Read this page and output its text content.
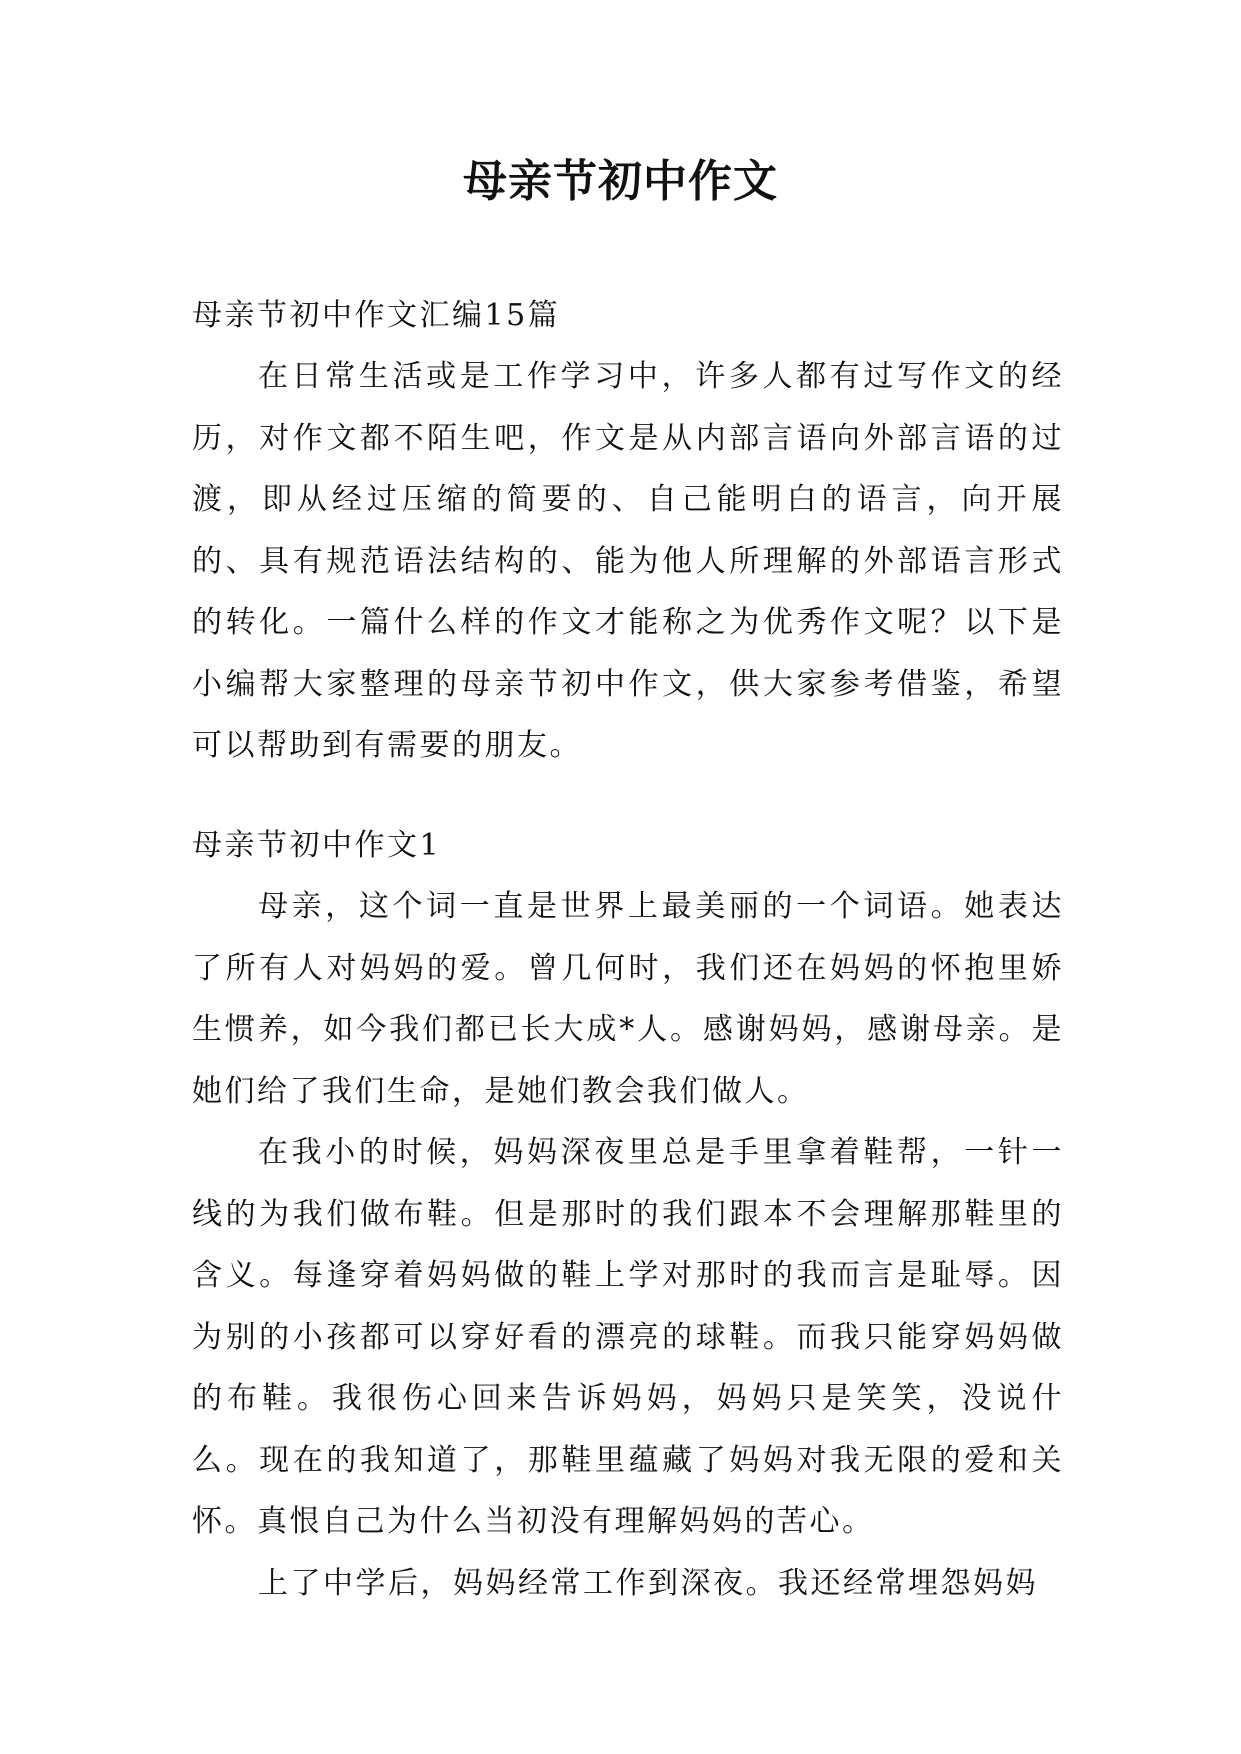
母亲节初中作文
母亲节初中作文汇编15篇

在日常生活或是工作学习中，许多人都有过写作文的经历，对作文都不陌生吧，作文是从内部言语向外部言语的过渡，即从经过压缩的简要的、自己能明白的语言，向开展的、具有规范语法结构的、能为他人所理解的外部语言形式的转化。一篇什么样的作文才能称之为优秀作文呢？以下是小编帮大家整理的母亲节初中作文，供大家参考借鉴，希望可以帮助到有需要的朋友。

母亲节初中作文1

母亲，这个词一直是世界上最美丽的一个词语。她表达了所有人对妈妈的爱。曾几何时，我们还在妈妈的怀抱里娇生惯养，如今我们都已长大成*人。感谢妈妈，感谢母亲。是她们给了我们生命，是她们教会我们做人。

在我小的时候，妈妈深夜里总是手里拿着鞋帮，一针一线的为我们做布鞋。但是那时的我们跟本不会理解那鞋里的含义。每逢穿着妈妈做的鞋上学对那时的我而言是耻辱。因为别的小孩都可以穿好看的漂亮的球鞋。而我只能穿妈妈做的布鞋。我很伤心回来告诉妈妈，妈妈只是笑笑，没说什么。现在的我知道了，那鞋里蕴藏了妈妈对我无限的爱和关怀。真恨自己为什么当初没有理解妈妈的苦心。

上了中学后，妈妈经常工作到深夜。我还经常埋怨妈妈
